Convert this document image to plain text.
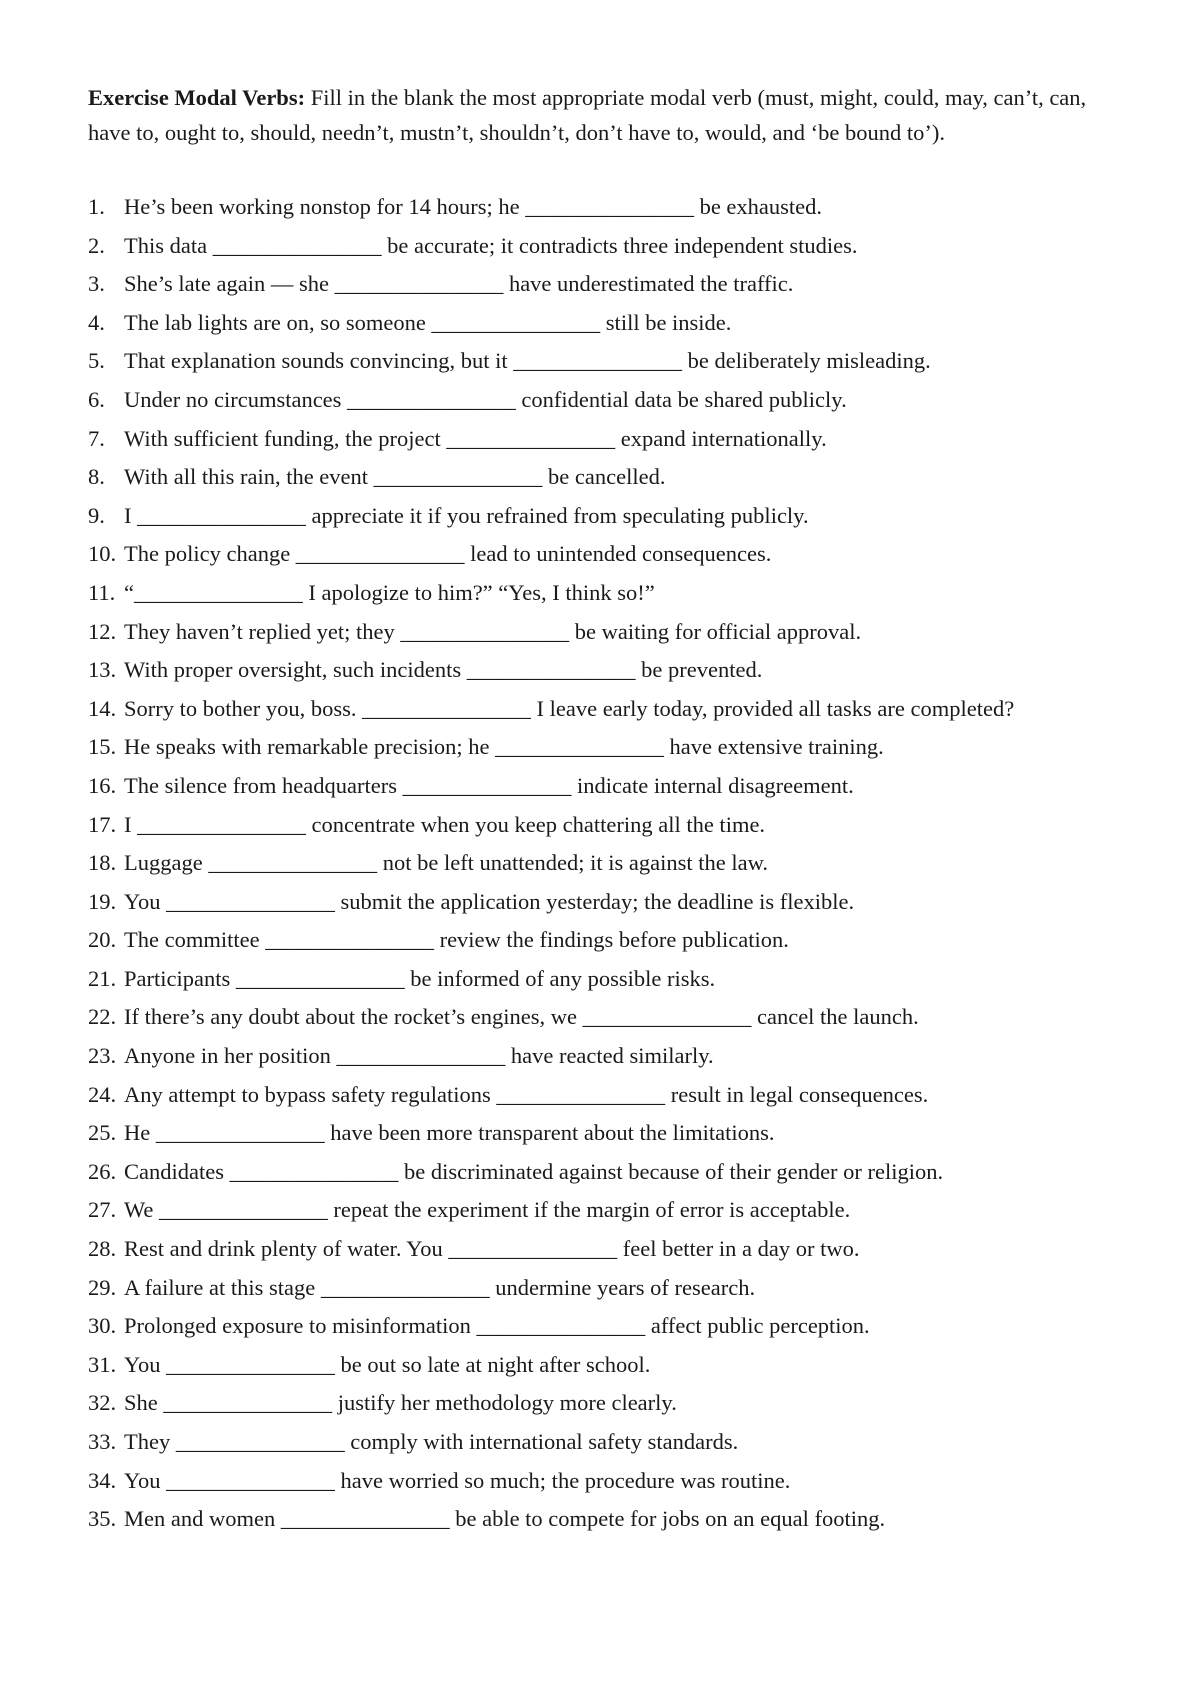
Exercise Modal Verbs: Fill in the blank the most appropriate modal verb (must, might, could, may, can’t, can, have to, ought to, should, needn’t, mustn’t, shouldn’t, don’t have to, would, and ‘be bound to’).

1. He’s been working nonstop for 14 hours; he _______________ be exhausted.
2. This data _______________ be accurate; it contradicts three independent studies.
3. She’s late again — she _______________ have underestimated the traffic.
4. The lab lights are on, so someone _______________ still be inside.
5. That explanation sounds convincing, but it _______________ be deliberately misleading.
6. Under no circumstances _______________ confidential data be shared publicly.
7. With sufficient funding, the project _______________ expand internationally.
8. With all this rain, the event _______________ be cancelled.
9. I _______________ appreciate it if you refrained from speculating publicly.
10. The policy change _______________ lead to unintended consequences.
11. “_______________ I apologize to him?” “Yes, I think so!”
12. They haven’t replied yet; they _______________ be waiting for official approval.
13. With proper oversight, such incidents _______________ be prevented.
14. Sorry to bother you, boss. _______________ I leave early today, provided all tasks are completed?
15. He speaks with remarkable precision; he _______________ have extensive training.
16. The silence from headquarters _______________ indicate internal disagreement.
17. I _______________ concentrate when you keep chattering all the time.
18. Luggage _______________ not be left unattended; it is against the law.
19. You _______________ submit the application yesterday; the deadline is flexible.
20. The committee _______________ review the findings before publication.
21. Participants _______________ be informed of any possible risks.
22. If there’s any doubt about the rocket’s engines, we _______________ cancel the launch.
23. Anyone in her position _______________ have reacted similarly.
24. Any attempt to bypass safety regulations _______________ result in legal consequences.
25. He _______________ have been more transparent about the limitations.
26. Candidates _______________ be discriminated against because of their gender or religion.
27. We _______________ repeat the experiment if the margin of error is acceptable.
28. Rest and drink plenty of water. You _______________ feel better in a day or two.
29. A failure at this stage _______________ undermine years of research.
30. Prolonged exposure to misinformation _______________ affect public perception.
31. You _______________ be out so late at night after school.
32. She _______________ justify her methodology more clearly.
33. They _______________ comply with international safety standards.
34. You _______________ have worried so much; the procedure was routine.
35. Men and women _______________ be able to compete for jobs on an equal footing.
